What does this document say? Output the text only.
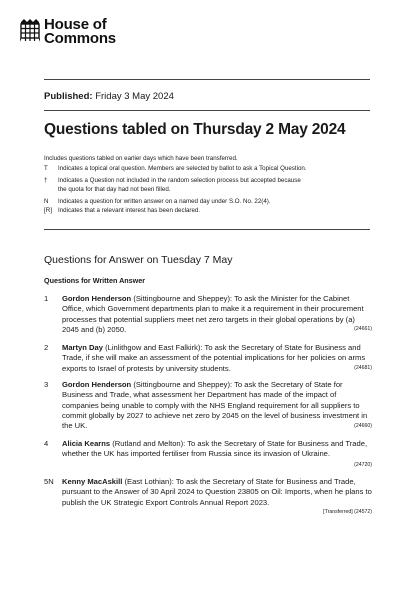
House of
Commons
Published: Friday 3 May 2024
Questions tabled on Thursday 2 May 2024
Includes questions tabled on earlier days which have been transferred.
T	Indicates a topical oral question. Members are selected by ballot to ask a Topical Question.
†	Indicates a Question not included in the random selection process but accepted because the quota for that day had not been filled.
N	Indicates a question for written answer on a named day under S.O. No. 22(4).
[R] Indicates that a relevant interest has been declared.
Questions for Answer on Tuesday 7 May
Questions for Written Answer
1 Gordon Henderson (Sittingbourne and Sheppey): To ask the Minister for the Cabinet Office, which Government departments plan to make it a requirement in their procurement processes that potential suppliers meet net zero targets in their global operations by (a) 2045 and (b) 2050.	(24661)
2 Martyn Day (Linlithgow and East Falkirk): To ask the Secretary of State for Business and Trade, if she will make an assessment of the potential implications for her policies on arms exports to Israel of protests by university students.	(24681)
3 Gordon Henderson (Sittingbourne and Sheppey): To ask the Secretary of State for Business and Trade, what assessment her Department has made of the impact of companies being unable to comply with the NHS England requirement for all suppliers to commit globally by 2027 to achieve net zero by 2045 on the level of business investment in the UK.	(24660)
4 Alicia Kearns (Rutland and Melton): To ask the Secretary of State for Business and Trade, whether the UK has imported fertiliser from Russia since its invasion of Ukraine.
(24720)
5N Kenny MacAskill (East Lothian): To ask the Secretary of State for Business and Trade, pursuant to the Answer of 30 April 2024 to Question 23805 on Oil: Imports, when he plans to publish the UK Strategic Export Controls Annual Report 2023.
[Transferred] (24572)
